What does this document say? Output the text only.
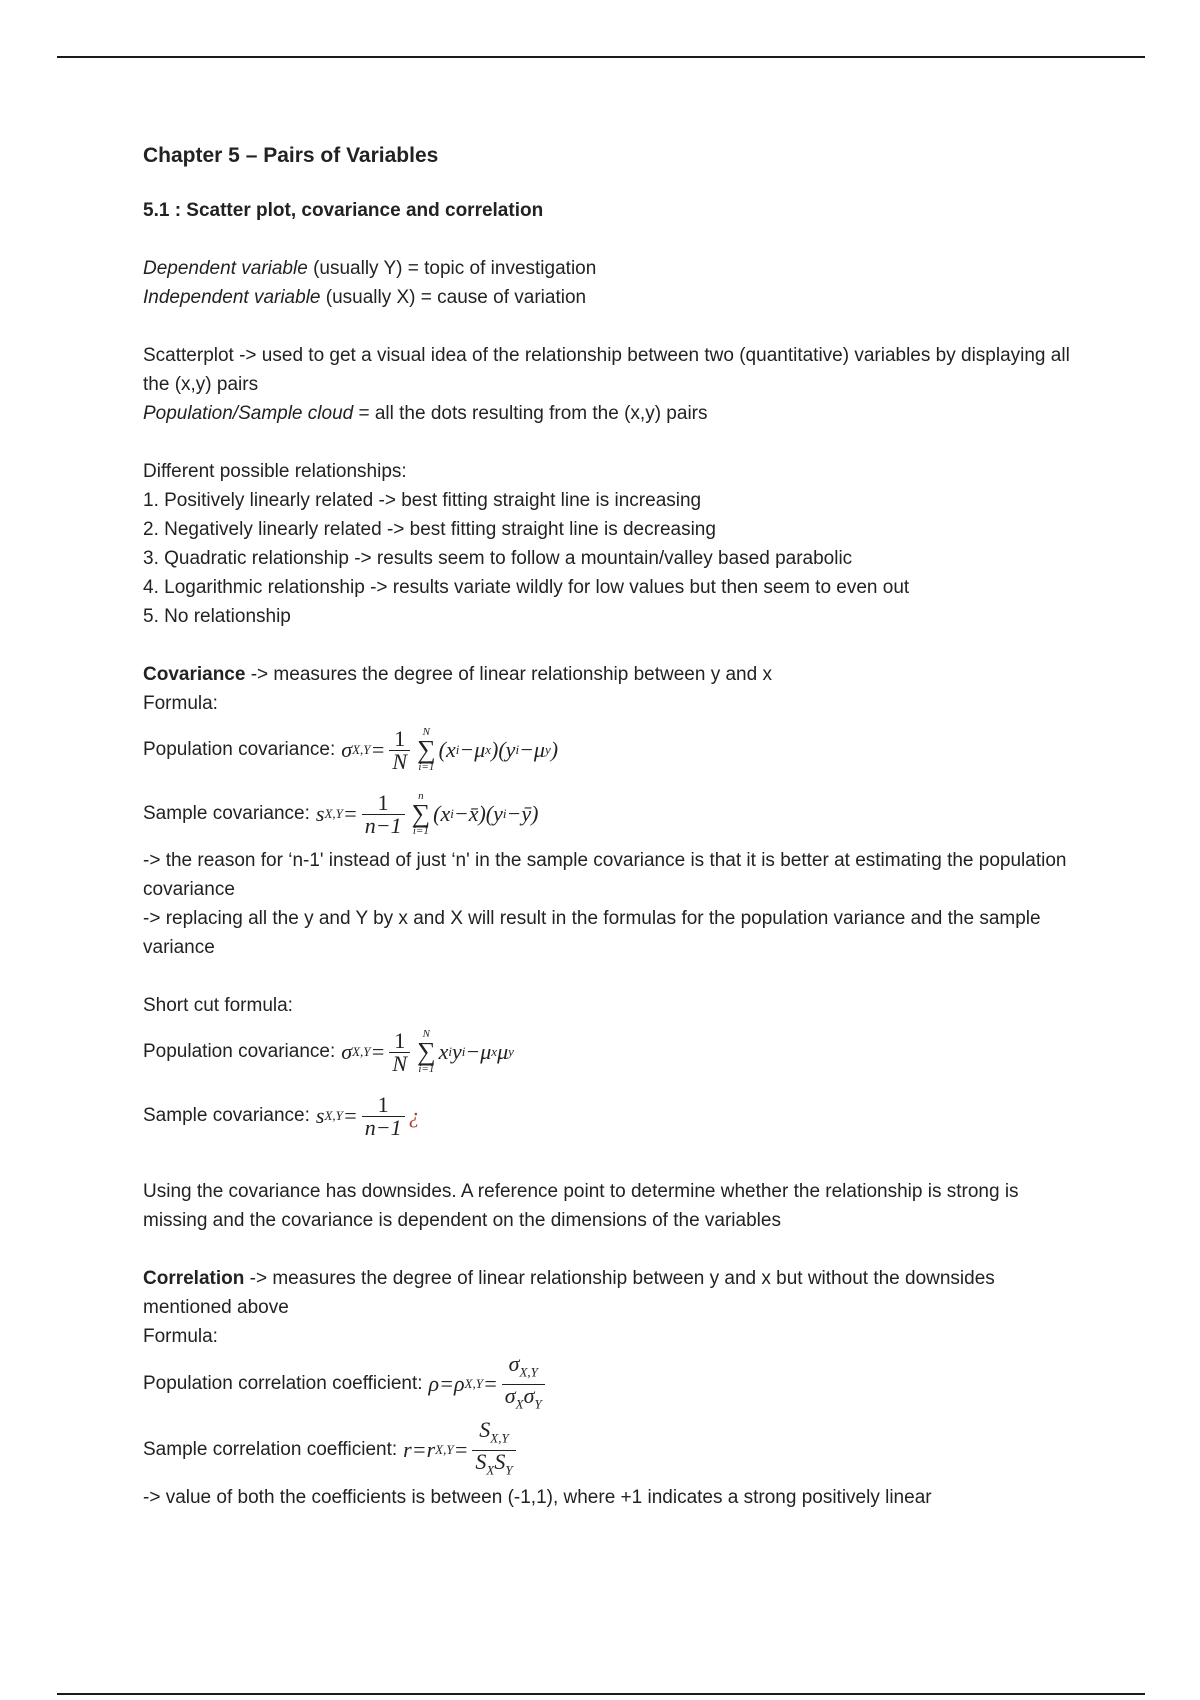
Chapter 5 – Pairs of Variables
5.1 : Scatter plot, covariance and correlation
Dependent variable (usually Y) = topic of investigation
Independent variable (usually X) = cause of variation
Scatterplot -> used to get a visual idea of the relationship between two (quantitative) variables by displaying all the (x,y) pairs
Population/Sample cloud = all the dots resulting from the (x,y) pairs
Different possible relationships:
1. Positively linearly related -> best fitting straight line is increasing
2. Negatively linearly related -> best fitting straight line is decreasing
3. Quadratic relationship -> results seem to follow a mountain/valley based parabolic
4. Logarithmic relationship -> results variate wildly for low values but then seem to even out
5. No relationship
Covariance -> measures the degree of linear relationship between y and x
Formula:
Population covariance: σ $X,Y = \frac{1}{N}$ N
∑
i=1
(x i −μ x )(y i −μ y )
Sample covariance: s $X,Y = \frac{1}{n-1}$ n
∑
i=1
(x i −x̄)(y i −ȳ)
-> the reason for ‘n-1' instead of just ‘n' in the sample covariance is that it is better at estimating the population covariance
-> replacing all the y and Y by x and X will result in the formulas for the population variance and the sample variance
Short cut formula:
Population covariance: σ $X,Y = \frac{1}{N}$ N
∑
i=1
x i y i −μ x μ y
Sample covariance: s $X,Y = \frac{1}{n-1}$ ¿
Using the covariance has downsides. A reference point to determine whether the relationship is strong is missing and the covariance is dependent on the dimensions of the variables
Correlation -> measures the degree of linear relationship between y and x but without the downsides mentioned above
Formula:
Population correlation coefficient: ρ=ρ $X,Y = \frac{\sigma_{X,Y}}{\sigma_X\sigma_Y}$
Sample correlation coefficient: r=r $X,Y = \frac{S_{X,Y}}{S_XS_Y}$
-> value of both the coefficients is between (-1,1), where +1 indicates a strong positively linear
